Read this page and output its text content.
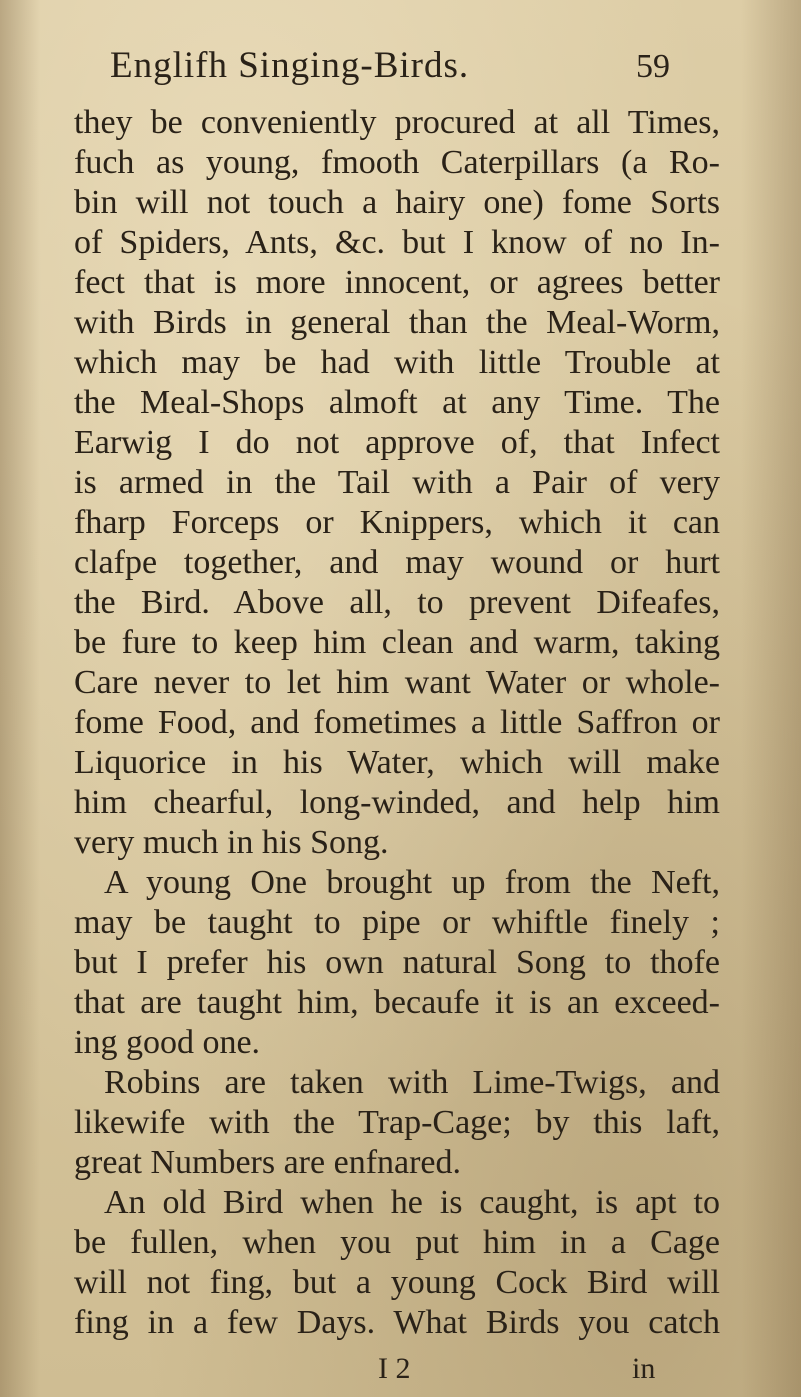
Englifh Singing-Birds.	59
they be conveniently procured at all Times,
fuch as young, fmooth Caterpillars (a Ro-
bin will not touch a hairy one) fome Sorts
of Spiders, Ants, &c. but I know of no In-
fect that is more innocent, or agrees better
with Birds in general than the Meal-Worm,
which may be had with little Trouble at
the Meal-Shops almoft at any Time. The
Earwig I do not approve of, that Infect
is armed in the Tail with a Pair of very
fharp Forceps or Knippers, which it can
clafpe together, and may wound or hurt
the Bird. Above all, to prevent Difeafes,
be fure to keep him clean and warm, taking
Care never to let him want Water or whole-
fome Food, and fometimes a little Saffron or
Liquorice in his Water, which will make
him chearful, long-winded, and help him
very much in his Song.
A young One brought up from the Neft,
may be taught to pipe or whiftle finely ;
but I prefer his own natural Song to thofe
that are taught him, becaufe it is an exceed-
ing good one.
Robins are taken with Lime-Twigs, and
likewife with the Trap-Cage; by this laft,
great Numbers are enfnared.
An old Bird when he is caught, is apt to
be fullen, when you put him in a Cage
will not fing, but a young Cock Bird will
fing in a few Days. What Birds you catch
I 2	in
